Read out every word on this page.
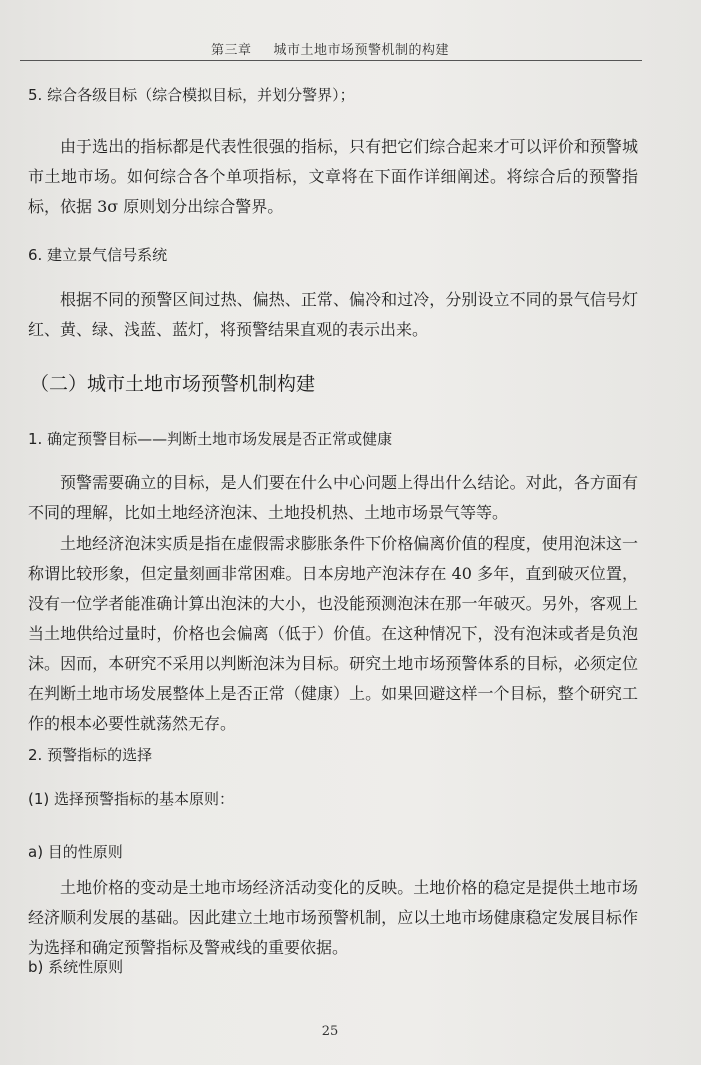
第三章 城市土地市场预警机制的构建

5. 综合各级目标（综合模拟目标，并划分警界）；

由于选出的指标都是代表性很强的指标，只有把它们综合起来才可以评价和预警城市土地市场。如何综合各个单项指标，文章将在下面作详细阐述。将综合后的预警指标，依据 3σ 原则划分出综合警界。

6. 建立景气信号系统

根据不同的预警区间过热、偏热、正常、偏冷和过冷，分别设立不同的景气信号灯红、黄、绿、浅蓝、蓝灯，将预警结果直观的表示出来。

（二）城市土地市场预警机制构建

1. 确定预警目标——判断土地市场发展是否正常或健康

预警需要确立的目标，是人们要在什么中心问题上得出什么结论。对此，各方面有不同的理解，比如土地经济泡沫、土地投机热、土地市场景气等等。

土地经济泡沫实质是指在虚假需求膨胀条件下价格偏离价值的程度，使用泡沫这一称谓比较形象，但定量刻画非常困难。日本房地产泡沫存在 40 多年，直到破灭位置，没有一位学者能准确计算出泡沫的大小，也没能预测泡沫在那一年破灭。另外，客观上当土地供给过量时，价格也会偏离（低于）价值。在这种情况下，没有泡沫或者是负泡沫。因而，本研究不采用以判断泡沫为目标。研究土地市场预警体系的目标，必须定位在判断土地市场发展整体上是否正常（健康）上。如果回避这样一个目标，整个研究工作的根本必要性就荡然无存。

2. 预警指标的选择

(1) 选择预警指标的基本原则：

a) 目的性原则

土地价格的变动是土地市场经济活动变化的反映。土地价格的稳定是提供土地市场经济顺利发展的基础。因此建立土地市场预警机制，应以土地市场健康稳定发展目标作为选择和确定预警指标及警戒线的重要依据。

b) 系统性原则

25
